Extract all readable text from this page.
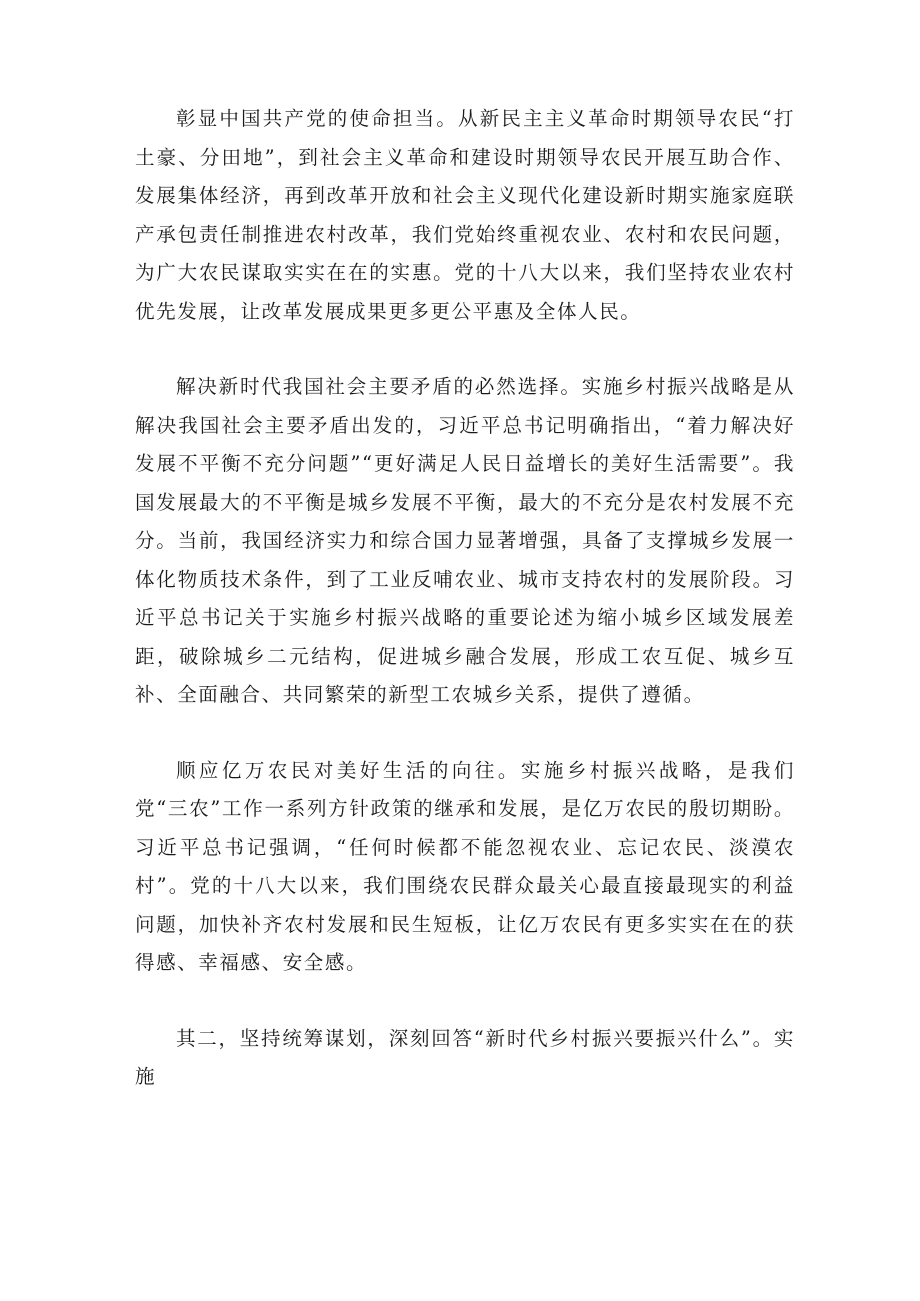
彰显中国共产党的使命担当。从新民主主义革命时期领导农民“打土豪、分田地”，到社会主义革命和建设时期领导农民开展互助合作、发展集体经济，再到改革开放和社会主义现代化建设新时期实施家庭联产承包责任制推进农村改革，我们党始终重视农业、农村和农民问题，为广大农民谋取实实在在的实惠。党的十八大以来，我们坚持农业农村优先发展，让改革发展成果更多更公平惠及全体人民。

解决新时代我国社会主要矛盾的必然选择。实施乡村振兴战略是从解决我国社会主要矛盾出发的，习近平总书记明确指出，“着力解决好发展不平衡不充分问题”“更好满足人民日益增长的美好生活需要”。我国发展最大的不平衡是城乡发展不平衡，最大的不充分是农村发展不充分。当前，我国经济实力和综合国力显著增强，具备了支撑城乡发展一体化物质技术条件，到了工业反哺农业、城市支持农村的发展阶段。习近平总书记关于实施乡村振兴战略的重要论述为缩小城乡区域发展差距，破除城乡二元结构，促进城乡融合发展，形成工农互促、城乡互补、全面融合、共同繁荣的新型工农城乡关系，提供了遵循。

顺应亿万农民对美好生活的向往。实施乡村振兴战略，是我们党“三农”工作一系列方针政策的继承和发展，是亿万农民的殷切期盼。习近平总书记强调，“任何时候都不能忽视农业、忘记农民、淡漠农村”。党的十八大以来，我们围绕农民群众最关心最直接最现实的利益问题，加快补齐农村发展和民生短板，让亿万农民有更多实实在在的获得感、幸福感、安全感。

其二，坚持统筹谋划，深刻回答“新时代乡村振兴要振兴什么”。实施
